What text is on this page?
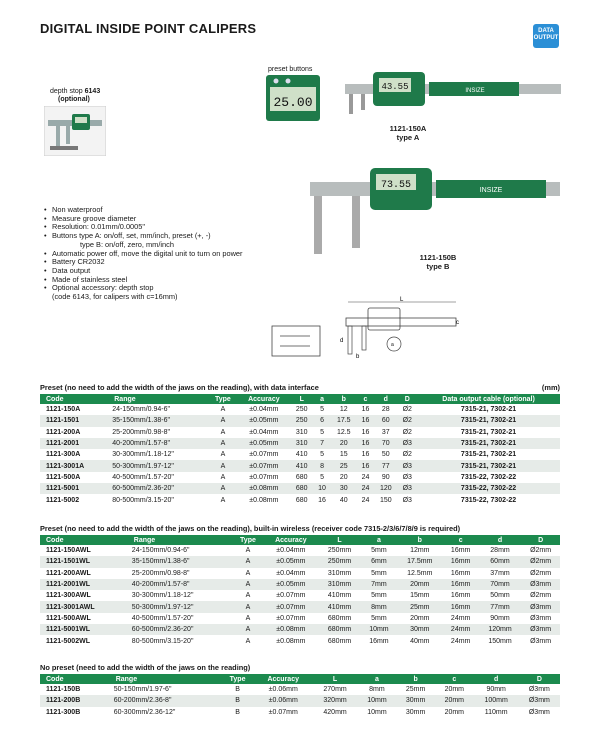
DIGITAL INSIDE POINT CALIPERS	DATA
OUTPUT
depth stop 6143
(optional)
preset buttons
25.00
43.55	INSIZE
1121-150A
type A
73.55	INSIZE
1121-150B
type B
• Non waterproof
• Measure groove diameter
• Resolution: 0.01mm/0.0005"
• Buttons type A: on/off, set, mm/inch, preset (+, -)
type B: on/off, zero, mm/inch
• Automatic power off, move the digital unit to turn on power
• Battery CR2032
• Data output
• Made of stainless steel
• Optional accessory: depth stop
(code 6143, for calipers with c=16mm)	L
b
d
c
a
Preset (no need to add the width of the jaws on the reading), with data interface	(mm)
Code	Range	Type	Accuracy	L	a	b	c	d	D	Data output cable (optional)
1121-150A	24-150mm/0.94-6"	A	±0.04mm	250	5	12	16	28	Ø2	7315-21, 7302-21
1121-1501	35-150mm/1.38-6"	A	±0.05mm	250	6	17.5	16	60	Ø2	7315-21, 7302-21
1121-200A	25-200mm/0.98-8"	A	±0.04mm	310	5	12.5	16	37	Ø2	7315-21, 7302-21
1121-2001	40-200mm/1.57-8"	A	±0.05mm	310	7	20	16	70	Ø3	7315-21, 7302-21
1121-300A	30-300mm/1.18-12"	A	±0.07mm	410	5	15	16	50	Ø2	7315-21, 7302-21
1121-3001A	50-300mm/1.97-12"	A	±0.07mm	410	8	25	16	77	Ø3	7315-21, 7302-21
1121-500A	40-500mm/1.57-20"	A	±0.07mm	680	5	20	24	90	Ø3	7315-22, 7302-22
1121-5001	60-500mm/2.36-20"	A	±0.08mm	680	10	30	24	120	Ø3	7315-22, 7302-22
1121-5002	80-500mm/3.15-20"	A	±0.08mm	680	16	40	24	150	Ø3	7315-22, 7302-22
Preset (no need to add the width of the jaws on the reading), built-in wireless (receiver code 7315-2/3/6/7/8/9 is required)
Code	Range	Type	Accuracy	L	a	b	c	d	D
1121-150AWL	24-150mm/0.94-6"	A	±0.04mm	250mm	5mm	12mm	16mm	28mm	Ø2mm
1121-1501WL	35-150mm/1.38-6"	A	±0.05mm	250mm	6mm	17.5mm	16mm	60mm	Ø2mm
1121-200AWL	25-200mm/0.98-8"	A	±0.04mm	310mm	5mm	12.5mm	16mm	37mm	Ø2mm
1121-2001WL	40-200mm/1.57-8"	A	±0.05mm	310mm	7mm	20mm	16mm	70mm	Ø3mm
1121-300AWL	30-300mm/1.18-12"	A	±0.07mm	410mm	5mm	15mm	16mm	50mm	Ø2mm
1121-3001AWL	50-300mm/1.97-12"	A	±0.07mm	410mm	8mm	25mm	16mm	77mm	Ø3mm
1121-500AWL	40-500mm/1.57-20"	A	±0.07mm	680mm	5mm	20mm	24mm	90mm	Ø3mm
1121-5001WL	60-500mm/2.36-20"	A	±0.08mm	680mm	10mm	30mm	24mm	120mm	Ø3mm
1121-5002WL	80-500mm/3.15-20"	A	±0.08mm	680mm	16mm	40mm	24mm	150mm	Ø3mm
No preset (need to add the width of the jaws on the reading)
Code	Range	Type	Accuracy	L	a	b	c	d	D
1121-150B	50-150mm/1.97-6"	B	±0.06mm	270mm	8mm	25mm	20mm	90mm	Ø3mm
1121-200B	60-200mm/2.36-8"	B	±0.06mm	320mm	10mm	30mm	20mm	100mm	Ø3mm
1121-300B	60-300mm/2.36-12"	B	±0.07mm	420mm	10mm	30mm	20mm	110mm	Ø3mm
